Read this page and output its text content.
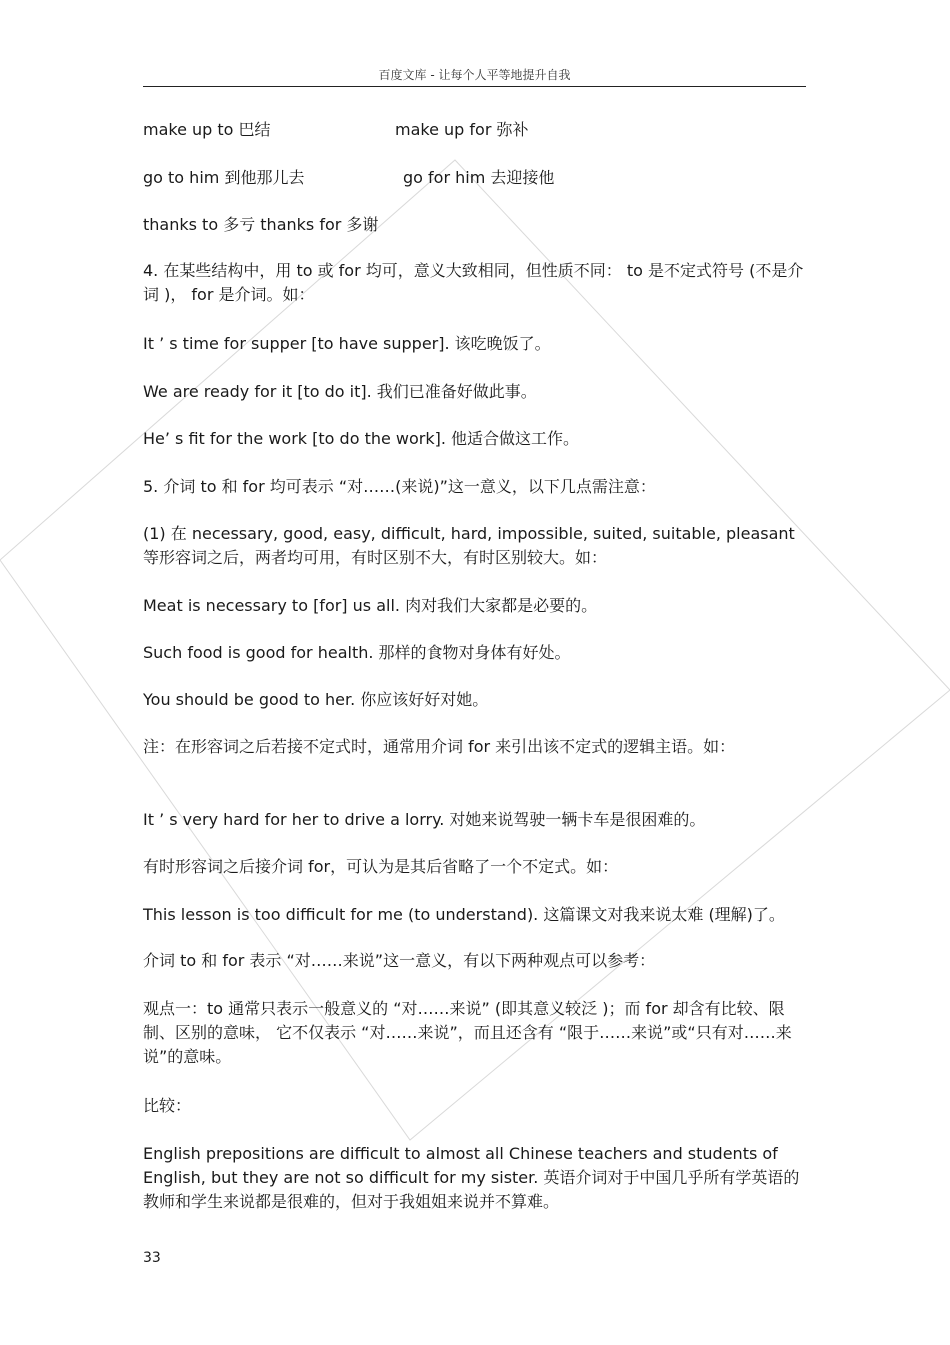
百度文库 - 让每个人平等地提升自我
make up to 巴结	make up for 弥补
go to him 到他那儿去	go for him 去迎接他
thanks to 多亏 thanks for 多谢
4. 在某些结构中，用 to 或 for 均可，意义大致相同，但性质不同： to 是不定式符号 (不是介词 )， for 是介词。如：
It ’ s time for supper [to have supper]. 该吃晚饭了。
We are ready for it [to do it]. 我们已准备好做此事。
He’ s fit for the work [to do the work]. 他适合做这工作。
5. 介词 to 和 for 均可表示 “对……(来说)”这一意义，以下几点需注意：
(1) 在 necessary, good, easy, difficult, hard, impossible, suited, suitable, pleasant 等形容词之后，两者均可用，有时区别不大，有时区别较大。如：
Meat is necessary to [for] us all. 肉对我们大家都是必要的。
Such food is good for health. 那样的食物对身体有好处。
You should be good to her. 你应该好好对她。
注：在形容词之后若接不定式时，通常用介词 for 来引出该不定式的逻辑主语。如：
It ’ s very hard for her to drive a lorry. 对她来说驾驶一辆卡车是很困难的。
有时形容词之后接介词 for，可认为是其后省略了一个不定式。如：
This lesson is too difficult for me (to understand). 这篇课文对我来说太难 (理解)了。
介词 to 和 for 表示 “对……来说”这一意义，有以下两种观点可以参考：
观点一：to 通常只表示一般意义的 “对……来说” (即其意义较泛 )；而 for 却含有比较、限制、区别的意味， 它不仅表示 “对……来说”，而且还含有 “限于……来说”或“只有对……来说”的意味。
比较：
English prepositions are difficult to almost all Chinese teachers and students of English, but they are not so difficult for my sister. 英语介词对于中国几乎所有学英语的教师和学生来说都是很难的，但对于我姐姐来说并不算难。
33
